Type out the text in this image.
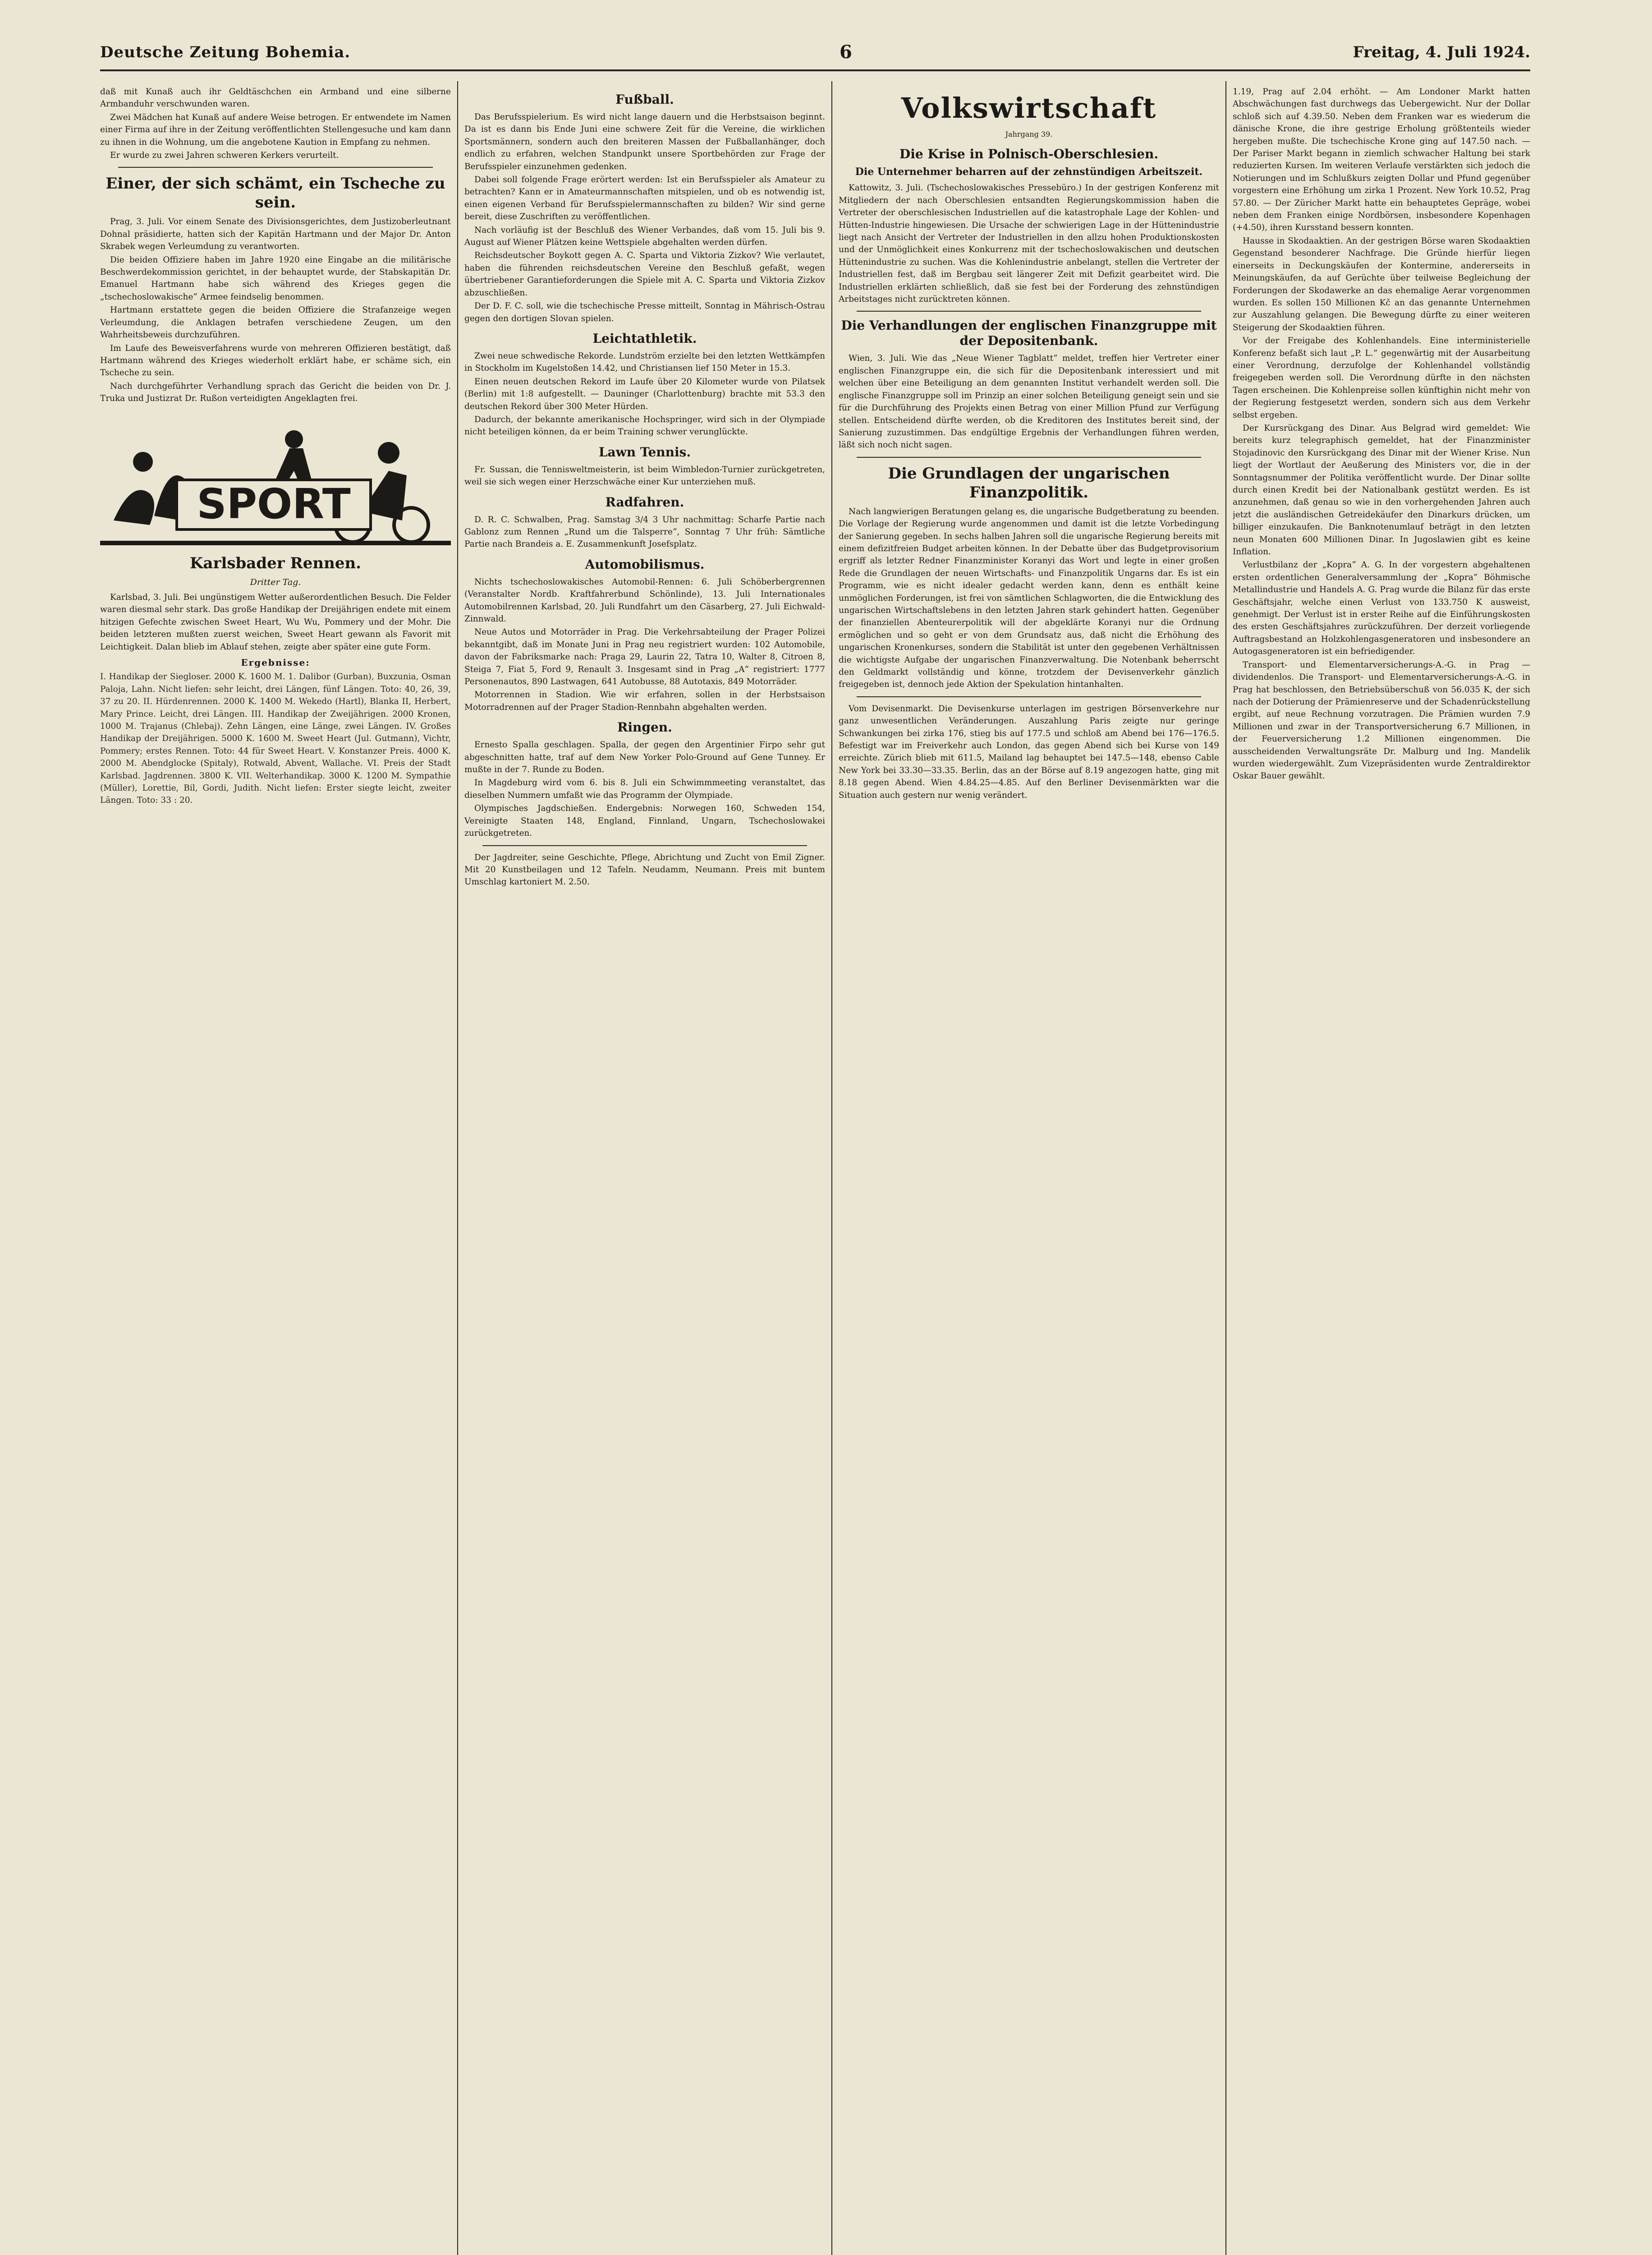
Deutsche Zeitung Bohemia.	6	Freitag, 4. Juli 1924.

daß mit Kunaß auch ihr Geldtäschchen ein Armband und eine silberne Armbanduhr verschwunden waren.

Zwei Mädchen hat Kunaß auf andere Weise betrogen. Er entwendete im Namen einer Firma auf ihre in der Zeitung veröffentlichten Stellengesuche und kam dann zu ihnen in die Wohnung, um die angebotene Kaution in Empfang zu nehmen.

Er wurde zu zwei Jahren schweren Kerkers verurteilt.

Einer, der sich schämt, ein Tscheche zu sein.

Prag, 3. Juli. Vor einem Senate des Divisionsgerichtes, dem Justizoberleutnant Dohnal präsidierte, hatten sich der Kapitän Hartmann und der Major Dr. Anton Skrabek wegen Verleumdung zu verantworten.

Die beiden Offiziere haben im Jahre 1920 eine Eingabe an die militärische Beschwerdekommission gerichtet, in der behauptet wurde, der Stabskapitän Dr. Emanuel Hartmann habe sich während des Krieges gegen die „tschechoslowakische“ Armee feindselig benommen.

Hartmann erstattete gegen die beiden Offiziere die Strafanzeige wegen Verleumdung, die Anklagen betrafen verschiedene Zeugen, um den Wahrheitsbeweis durchzuführen.

Im Laufe des Beweisverfahrens wurde von mehreren Offizieren bestätigt, daß Hartmann während des Krieges wiederholt erklärt habe, er schäme sich, ein Tscheche zu sein.

Nach durchgeführter Verhandlung sprach das Gericht die beiden von Dr. J. Truka und Justizrat Dr. Rußon verteidigten Angeklagten frei.

SPORT
Karlsbader Rennen.
Dritter Tag.

Karlsbad, 3. Juli. Bei ungünstigem Wetter außerordentlichen Besuch. Die Felder waren diesmal sehr stark. Das große Handikap der Dreijährigen endete mit einem hitzigen Gefechte zwischen Sweet Heart, Wu Wu, Pommery und der Mohr. Die beiden letzteren mußten zuerst weichen, Sweet Heart gewann als Favorit mit Leichtigkeit. Dalan blieb im Ablauf stehen, zeigte aber später eine gute Form.

Ergebnisse:

I. Handikap der Siegloser. 2000 K. 1600 M. 1. Dalibor (Gurban), Buxzunia, Osman Paloja, Lahn. Nicht liefen: sehr leicht, drei Längen, fünf Längen. Toto: 40, 26, 39, 37 zu 20. II. Hürdenrennen. 2000 K. 1400 M. Wekedo (Hartl), Blanka II, Herbert, Mary Prince. Leicht, drei Längen. III. Handikap der Zweijährigen. 2000 Kronen, 1000 M. Trajanus (Chlebaj). Zehn Längen, eine Länge, zwei Längen. IV. Großes Handikap der Dreijährigen. 5000 K. 1600 M. Sweet Heart (Jul. Gutmann), Vichtr, Pommery; erstes Rennen. Toto: 44 für Sweet Heart. V. Konstanzer Preis. 4000 K. 2000 M. Abendglocke (Spitaly), Rotwald, Abvent, Wallache. VI. Preis der Stadt Karlsbad. Jagdrennen. 3800 K. VII. Welterhandikap. 3000 K. 1200 M. Sympathie (Müller), Lorettie, Bil, Gordi, Judith. Nicht liefen: Erster siegte leicht, zweiter Längen. Toto: 33 : 20.

Fußball.

Das Berufsspielerium. Es wird nicht lange dauern und die Herbstsaison beginnt. Da ist es dann bis Ende Juni eine schwere Zeit für die Vereine, die wirklichen Sportsmännern, sondern auch den breiteren Massen der Fußballanhänger, doch endlich zu erfahren, welchen Standpunkt unsere Sportbehörden zur Frage der Berufsspieler einzunehmen gedenken.

Dabei soll folgende Frage erörtert werden: Ist ein Berufsspieler als Amateur zu betrachten? Kann er in Amateurmannschaften mitspielen, und ob es notwendig ist, einen eigenen Verband für Berufsspielermannschaften zu bilden? Wir sind gerne bereit, diese Zuschriften zu veröffentlichen.

Nach vorläufig ist der Beschluß des Wiener Verbandes, daß vom 15. Juli bis 9. August auf Wiener Plätzen keine Wettspiele abgehalten werden dürfen.

Reichsdeutscher Boykott gegen A. C. Sparta und Viktoria Zizkov? Wie verlautet, haben die führenden reichsdeutschen Vereine den Beschluß gefaßt, wegen übertriebener Garantieforderungen die Spiele mit A. C. Sparta und Viktoria Zizkov abzuschließen.

Der D. F. C. soll, wie die tschechische Presse mitteilt, Sonntag in Mährisch-Ostrau gegen den dortigen Slovan spielen.

Leichtathletik.

Zwei neue schwedische Rekorde. Lundström erzielte bei den letzten Wettkämpfen in Stockholm im Kugelstoßen 14.42, und Christiansen lief 150 Meter in 15.3.

Einen neuen deutschen Rekord im Laufe über 20 Kilometer wurde von Pilatsek (Berlin) mit 1:8 aufgestellt. — Dauninger (Charlottenburg) brachte mit 53.3 den deutschen Rekord über 300 Meter Hürden.

Dadurch, der bekannte amerikanische Hochspringer, wird sich in der Olympiade nicht beteiligen können, da er beim Training schwer verunglückte.

Lawn Tennis.

Fr. Sussan, die Tennisweltmeisterin, ist beim Wimbledon-Turnier zurückgetreten, weil sie sich wegen einer Herzschwäche einer Kur unterziehen muß.

Radfahren.

D. R. C. Schwalben, Prag. Samstag 3/4 3 Uhr nachmittag: Scharfe Partie nach Gablonz zum Rennen „Rund um die Talsperre“, Sonntag 7 Uhr früh: Sämtliche Partie nach Brandeis a. E. Zusammenkunft Josefsplatz.

Automobilismus.

Nichts tschechoslowakisches Automobil-Rennen: 6. Juli Schöberbergrennen (Veranstalter Nordb. Kraftfahrerbund Schönlinde), 13. Juli Internationales Automobilrennen Karlsbad, 20. Juli Rundfahrt um den Cäsarberg, 27. Juli Eichwald-Zinnwald.

Neue Autos und Motorräder in Prag. Die Verkehrsabteilung der Prager Polizei bekanntgibt, daß im Monate Juni in Prag neu registriert wurden: 102 Automobile, davon der Fabriksmarke nach: Praga 29, Laurin 22, Tatra 10, Walter 8, Citroen 8, Steiga 7, Fiat 5, Ford 9, Renault 3. Insgesamt sind in Prag „A“ registriert: 1777 Personenautos, 890 Lastwagen, 641 Autobusse, 88 Autotaxis, 849 Motorräder.

Motorrennen in Stadion. Wie wir erfahren, sollen in der Herbstsaison Motorradrennen auf der Prager Stadion-Rennbahn abgehalten werden.

Ringen.

Ernesto Spalla geschlagen. Spalla, der gegen den Argentinier Firpo sehr gut abgeschnitten hatte, traf auf dem New Yorker Polo-Ground auf Gene Tunney. Er mußte in der 7. Runde zu Boden.

In Magdeburg wird vom 6. bis 8. Juli ein Schwimmmeeting veranstaltet, das dieselben Nummern umfaßt wie das Programm der Olympiade.

Olympisches Jagdschießen. Endergebnis: Norwegen 160, Schweden 154, Vereinigte Staaten 148, England, Finnland, Ungarn, Tschechoslowakei zurückgetreten.

Der Jagdreiter, seine Geschichte, Pflege, Abrichtung und Zucht von Emil Zigner. Mit 20 Kunstbeilagen und 12 Tafeln. Neudamm, Neumann. Preis mit buntem Umschlag kartoniert M. 2.50.

Volkswirtschaft
Jahrgang 39.
Die Krise in Polnisch-Oberschlesien.
Die Unternehmer beharren auf der zehnstündigen Arbeitszeit.

Kattowitz, 3. Juli. (Tschechoslowakisches Pressebüro.) In der gestrigen Konferenz mit Mitgliedern der nach Oberschlesien entsandten Regierungskommission haben die Vertreter der oberschlesischen Industriellen auf die katastrophale Lage der Kohlen- und Hütten-Industrie hingewiesen. Die Ursache der schwierigen Lage in der Hüttenindustrie liegt nach Ansicht der Vertreter der Industriellen in den allzu hohen Produktionskosten und der Unmöglichkeit eines Konkurrenz mit der tschechoslowakischen und deutschen Hüttenindustrie zu suchen. Was die Kohlenindustrie anbelangt, stellen die Vertreter der Industriellen fest, daß im Bergbau seit längerer Zeit mit Defizit gearbeitet wird. Die Industriellen erklärten schließlich, daß sie fest bei der Forderung des zehnstündigen Arbeitstages nicht zurücktreten können.

Die Verhandlungen der englischen Finanzgruppe mit der Depositenbank.

Wien, 3. Juli. Wie das „Neue Wiener Tagblatt“ meldet, treffen hier Vertreter einer englischen Finanzgruppe ein, die sich für die Depositenbank interessiert und mit welchen über eine Beteiligung an dem genannten Institut verhandelt werden soll. Die englische Finanzgruppe soll im Prinzip an einer solchen Beteiligung geneigt sein und sie für die Durchführung des Projekts einen Betrag von einer Million Pfund zur Verfügung stellen. Entscheidend dürfte werden, ob die Kreditoren des Institutes bereit sind, der Sanierung zuzustimmen. Das endgültige Ergebnis der Verhandlungen führen werden, läßt sich noch nicht sagen.

Die Grundlagen der ungarischen Finanzpolitik.

Nach langwierigen Beratungen gelang es, die ungarische Budgetberatung zu beenden. Die Vorlage der Regierung wurde angenommen und damit ist die letzte Vorbedingung der Sanierung gegeben. In sechs halben Jahren soll die ungarische Regierung bereits mit einem defizitfreien Budget arbeiten können. In der Debatte über das Budgetprovisorium ergriff als letzter Redner Finanzminister Koranyi das Wort und legte in einer großen Rede die Grundlagen der neuen Wirtschafts- und Finanzpolitik Ungarns dar. Es ist ein Programm, wie es nicht idealer gedacht werden kann, denn es enthält keine unmöglichen Forderungen, ist frei von sämtlichen Schlagworten, die die Entwicklung des ungarischen Wirtschaftslebens in den letzten Jahren stark gehindert hatten. Gegenüber der finanziellen Abenteurerpolitik will der abgeklärte Koranyi nur die Ordnung ermöglichen und so geht er von dem Grundsatz aus, daß nicht die Erhöhung des ungarischen Kronenkurses, sondern die Stabilität ist unter den gegebenen Verhältnissen die wichtigste Aufgabe der ungarischen Finanzverwaltung. Die Notenbank beherrscht den Geldmarkt vollständig und könne, trotzdem der Devisenverkehr gänzlich freigegeben ist, dennoch jede Aktion der Spekulation hintanhalten.

Vom Devisenmarkt. Die Devisenkurse unterlagen im gestrigen Börsenverkehre nur ganz unwesentlichen Veränderungen. Auszahlung Paris zeigte nur geringe Schwankungen bei zirka 176, stieg bis auf 177.5 und schloß am Abend bei 176—176.5. Befestigt war im Freiverkehr auch London, das gegen Abend sich bei Kurse von 149 erreichte. Zürich blieb mit 611.5, Mailand lag behauptet bei 147.5—148, ebenso Cable New York bei 33.30—33.35. Berlin, das an der Börse auf 8.19 angezogen hatte, ging mit 8.18 gegen Abend. Wien 4.84.25—4.85. Auf den Berliner Devisenmärkten war die Situation auch gestern nur wenig verändert.

1.19, Prag auf 2.04 erhöht. — Am Londoner Markt hatten Abschwächungen fast durchwegs das Uebergewicht. Nur der Dollar schloß sich auf 4.39.50. Neben dem Franken war es wiederum die dänische Krone, die ihre gestrige Erholung größtenteils wieder hergeben mußte. Die tschechische Krone ging auf 147.50 nach. — Der Pariser Markt begann in ziemlich schwacher Haltung bei stark reduzierten Kursen. Im weiteren Verlaufe verstärkten sich jedoch die Notierungen und im Schlußkurs zeigten Dollar und Pfund gegenüber vorgestern eine Erhöhung um zirka 1 Prozent. New York 10.52, Prag 57.80. — Der Züricher Markt hatte ein behauptetes Gepräge, wobei neben dem Franken einige Nordbörsen, insbesondere Kopenhagen (+4.50), ihren Kursstand bessern konnten.

Hausse in Skodaaktien. An der gestrigen Börse waren Skodaaktien Gegenstand besonderer Nachfrage. Die Gründe hierfür liegen einerseits in Deckungskäufen der Kontermine, andererseits in Meinungskäufen, da auf Gerüchte über teilweise Begleichung der Forderungen der Skodawerke an das ehemalige Aerar vorgenommen wurden. Es sollen 150 Millionen Kč an das genannte Unternehmen zur Auszahlung gelangen. Die Bewegung dürfte zu einer weiteren Steigerung der Skodaaktien führen.

Vor der Freigabe des Kohlenhandels. Eine interministerielle Konferenz befaßt sich laut „P. L.“ gegenwärtig mit der Ausarbeitung einer Verordnung, derzufolge der Kohlenhandel vollständig freigegeben werden soll. Die Verordnung dürfte in den nächsten Tagen erscheinen. Die Kohlenpreise sollen künftighin nicht mehr von der Regierung festgesetzt werden, sondern sich aus dem Verkehr selbst ergeben.

Der Kursrückgang des Dinar. Aus Belgrad wird gemeldet: Wie bereits kurz telegraphisch gemeldet, hat der Finanzminister Stojadinovic den Kursrückgang des Dinar mit der Wiener Krise. Nun liegt der Wortlaut der Aeußerung des Ministers vor, die in der Sonntagsnummer der Politika veröffentlicht wurde. Der Dinar sollte durch einen Kredit bei der Nationalbank gestützt werden. Es ist anzunehmen, daß genau so wie in den vorhergehenden Jahren auch jetzt die ausländischen Getreidekäufer den Dinarkurs drücken, um billiger einzukaufen. Die Banknotenumlauf beträgt in den letzten neun Monaten 600 Millionen Dinar. In Jugoslawien gibt es keine Inflation.

Verlustbilanz der „Kopra“ A. G. In der vorgestern abgehaltenen ersten ordentlichen Generalversammlung der „Kopra“ Böhmische Metallindustrie und Handels A. G. Prag wurde die Bilanz für das erste Geschäftsjahr, welche einen Verlust von 133.750 K ausweist, genehmigt. Der Verlust ist in erster Reihe auf die Einführungskosten des ersten Geschäftsjahres zurückzuführen. Der derzeit vorliegende Auftragsbestand an Holzkohlengasgeneratoren und insbesondere an Autogasgeneratoren ist ein befriedigender.

Transport- und Elementarversicherungs-A.-G. in Prag — dividendenlos. Die Transport- und Elementarversicherungs-A.-G. in Prag hat beschlossen, den Betriebsüberschuß von 56.035 K, der sich nach der Dotierung der Prämienreserve und der Schadenrückstellung ergibt, auf neue Rechnung vorzutragen. Die Prämien wurden 7.9 Millionen und zwar in der Transportversicherung 6.7 Millionen, in der Feuerversicherung 1.2 Millionen eingenommen. Die ausscheidenden Verwaltungsräte Dr. Malburg und Ing. Mandelik wurden wiedergewählt. Zum Vizepräsidenten wurde Zentraldirektor Oskar Bauer gewählt.
